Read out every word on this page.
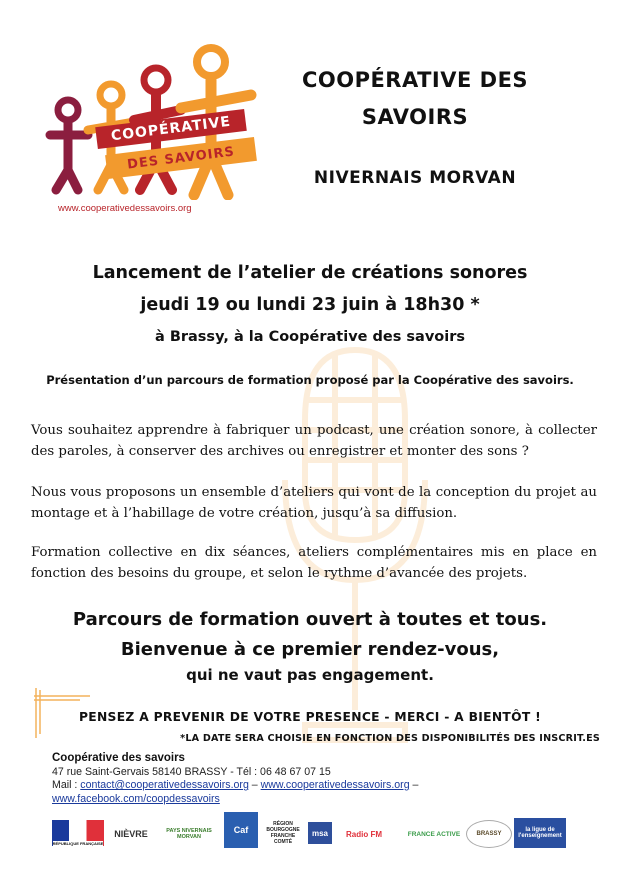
COOPÉRATIVE
DES SAVOIRS
www.cooperativedessavoirs.org
COOPÉRATIVE DES
SAVOIRS
NIVERNAIS MORVAN
Lancement de l’atelier de créations sonores
jeudi 19 ou lundi 23 juin à 18h30 *
à Brassy, à la Coopérative des savoirs
Présentation d’un parcours de formation proposé par la Coopérative des savoirs.
Vous souhaitez apprendre à fabriquer un podcast, une création sonore, à collecter des paroles, à conserver des archives ou enregistrer et monter des sons ?
Nous vous proposons un ensemble d’ateliers qui vont de la conception du projet au montage et à l’habillage de votre création, jusqu’à sa diffusion.
Formation collective en dix séances, ateliers complémentaires mis en place en fonction des besoins du groupe, et selon le rythme d’avancée des projets.
Parcours de formation ouvert à toutes et tous.
Bienvenue à ce premier rendez-vous,
qui ne vaut pas engagement.
PENSEZ A PREVENIR DE VOTRE PRESENCE - MERCI - A BIENTÔT !
*LA DATE SERA CHOISIE EN FONCTION DES DISPONIBILITÉS DES INSCRIT.ES
Coopérative des savoirs
47 rue Saint-Gervais 58140 BRASSY - Tél : 06 48 67 07 15
Mail : contact@cooperativedessavoirs.org – www.cooperativedessavoirs.org –
www.facebook.com/coopdessavoirs
RÉPUBLIQUE FRANÇAISE
NIÈVRE	PAYS NIVERNAIS MORVAN
Caf
RÉGION BOURGOGNE FRANCHE COMTÉ
msa	Radio FM	FRANCE ACTIVE	BRASSY
la ligue de l'enseignement
